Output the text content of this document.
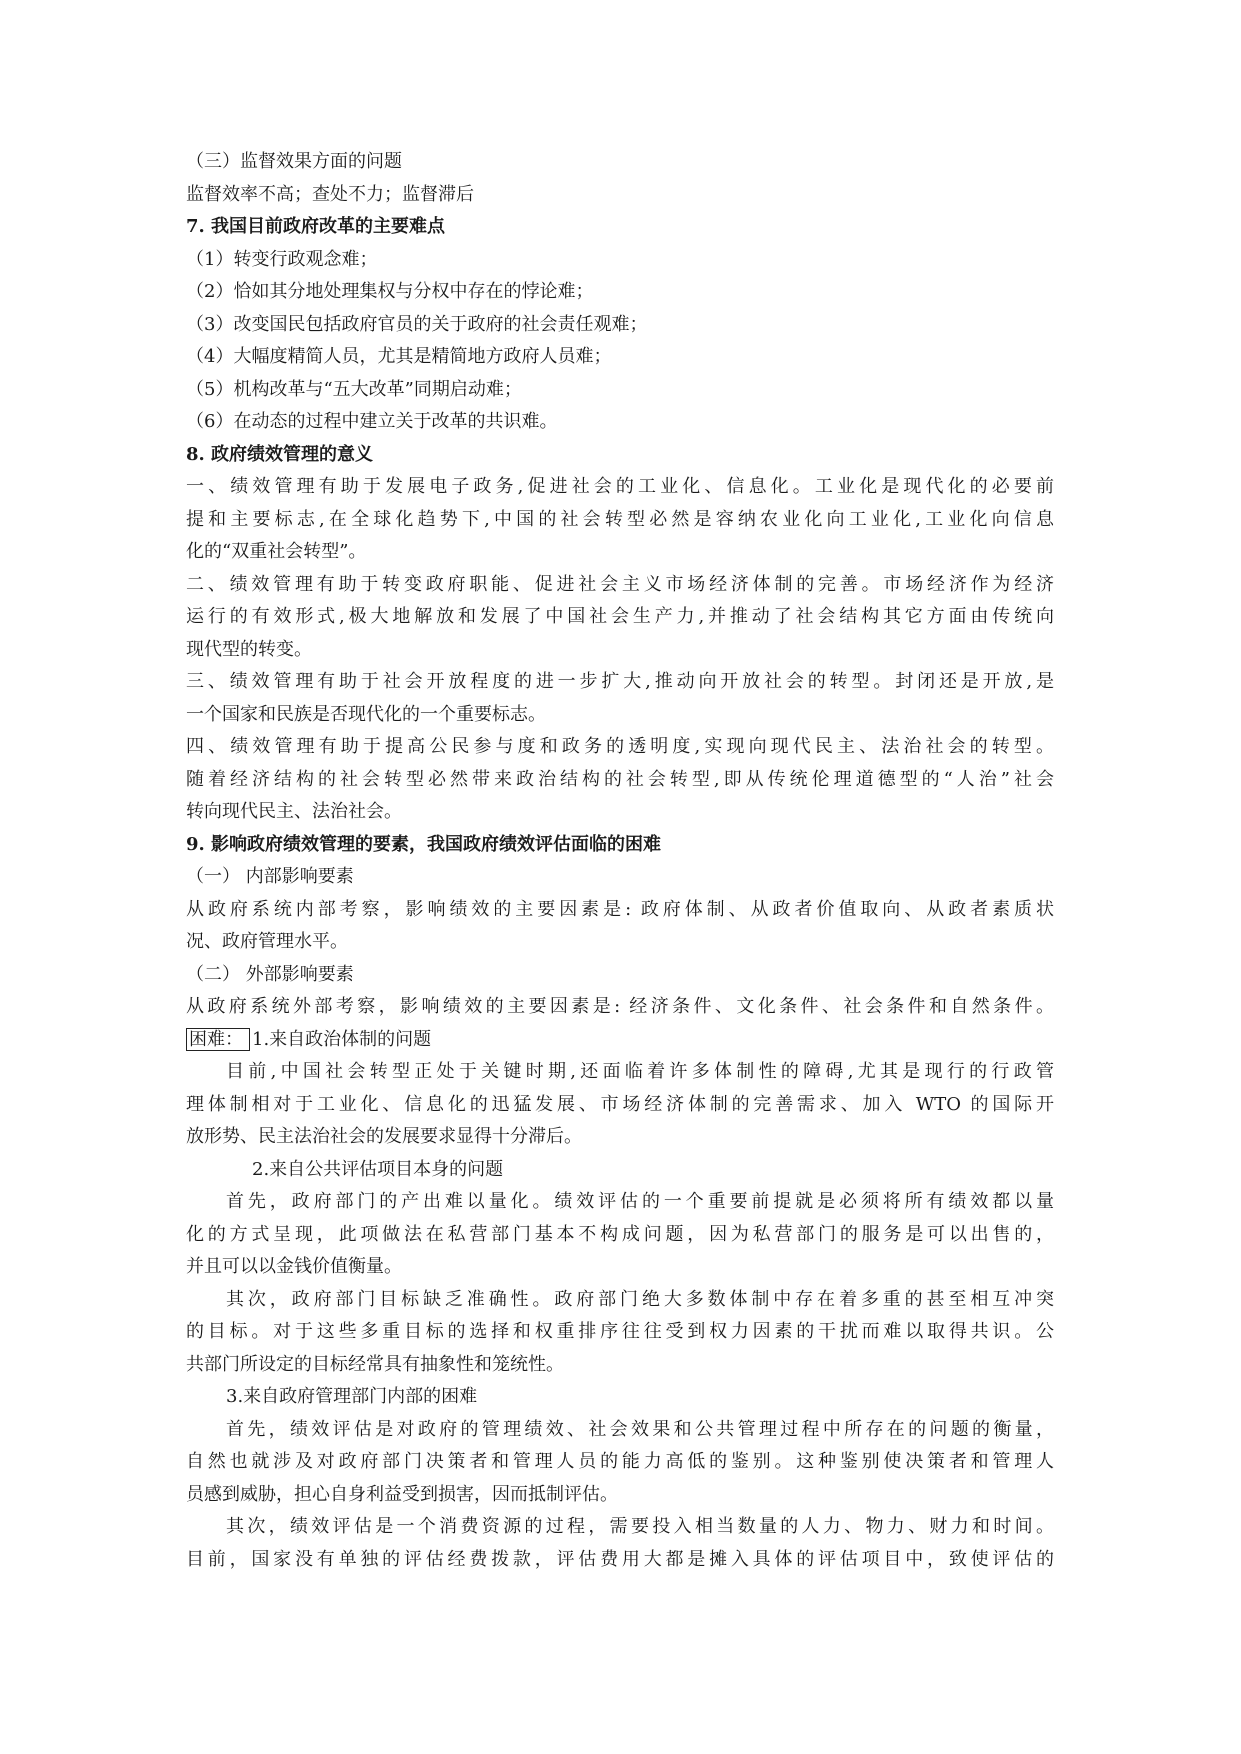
（三）监督效果方面的问题
监督效率不高；查处不力；监督滞后
7. 我国目前政府改革的主要难点
（1）转变行政观念难；
（2）恰如其分地处理集权与分权中存在的悖论难；
（3）改变国民包括政府官员的关于政府的社会责任观难；
（4）大幅度精简人员，尤其是精简地方政府人员难；
（5）机构改革与“五大改革”同期启动难；
（6）在动态的过程中建立关于改革的共识难。
8. 政府绩效管理的意义
一、绩效管理有助于发展电子政务,促进社会的工业化、信息化。工业化是现代化的必要前
提和主要标志,在全球化趋势下,中国的社会转型必然是容纳农业化向工业化,工业化向信息
化的“双重社会转型”。
二、绩效管理有助于转变政府职能、促进社会主义市场经济体制的完善。市场经济作为经济
运行的有效形式,极大地解放和发展了中国社会生产力,并推动了社会结构其它方面由传统向
现代型的转变。
三、绩效管理有助于社会开放程度的进一步扩大,推动向开放社会的转型。封闭还是开放,是
一个国家和民族是否现代化的一个重要标志。
四、绩效管理有助于提高公民参与度和政务的透明度,实现向现代民主、法治社会的转型。
随着经济结构的社会转型必然带来政治结构的社会转型,即从传统伦理道德型的“人治”社会
转向现代民主、法治社会。
9. 影响政府绩效管理的要素，我国政府绩效评估面临的困难
（一） 内部影响要素
从政府系统内部考察，影响绩效的主要因素是: 政府体制、从政者价值取向、从政者素质状
况、政府管理水平。
（二） 外部影响要素
从政府系统外部考察，影响绩效的主要因素是: 经济条件、文化条件、社会条件和自然条件。
困难： 1.来自政治体制的问题
目前,中国社会转型正处于关键时期,还面临着许多体制性的障碍,尤其是现行的行政管
理体制相对于工业化、信息化的迅猛发展、市场经济体制的完善需求、加入 WTO 的国际开
放形势、民主法治社会的发展要求显得十分滞后。
2.来自公共评估项目本身的问题
首先，政府部门的产出难以量化。绩效评估的一个重要前提就是必须将所有绩效都以量
化的方式呈现，此项做法在私营部门基本不构成问题，因为私营部门的服务是可以出售的，
并且可以以金钱价值衡量。
其次，政府部门目标缺乏准确性。政府部门绝大多数体制中存在着多重的甚至相互冲突
的目标。对于这些多重目标的选择和权重排序往往受到权力因素的干扰而难以取得共识。公
共部门所设定的目标经常具有抽象性和笼统性。
3.来自政府管理部门内部的困难
首先，绩效评估是对政府的管理绩效、社会效果和公共管理过程中所存在的问题的衡量，
自然也就涉及对政府部门决策者和管理人员的能力高低的鉴别。这种鉴别使决策者和管理人
员感到威胁，担心自身利益受到损害，因而抵制评估。
其次，绩效评估是一个消费资源的过程，需要投入相当数量的人力、物力、财力和时间。
目前，国家没有单独的评估经费拨款，评估费用大都是摊入具体的评估项目中，致使评估的
